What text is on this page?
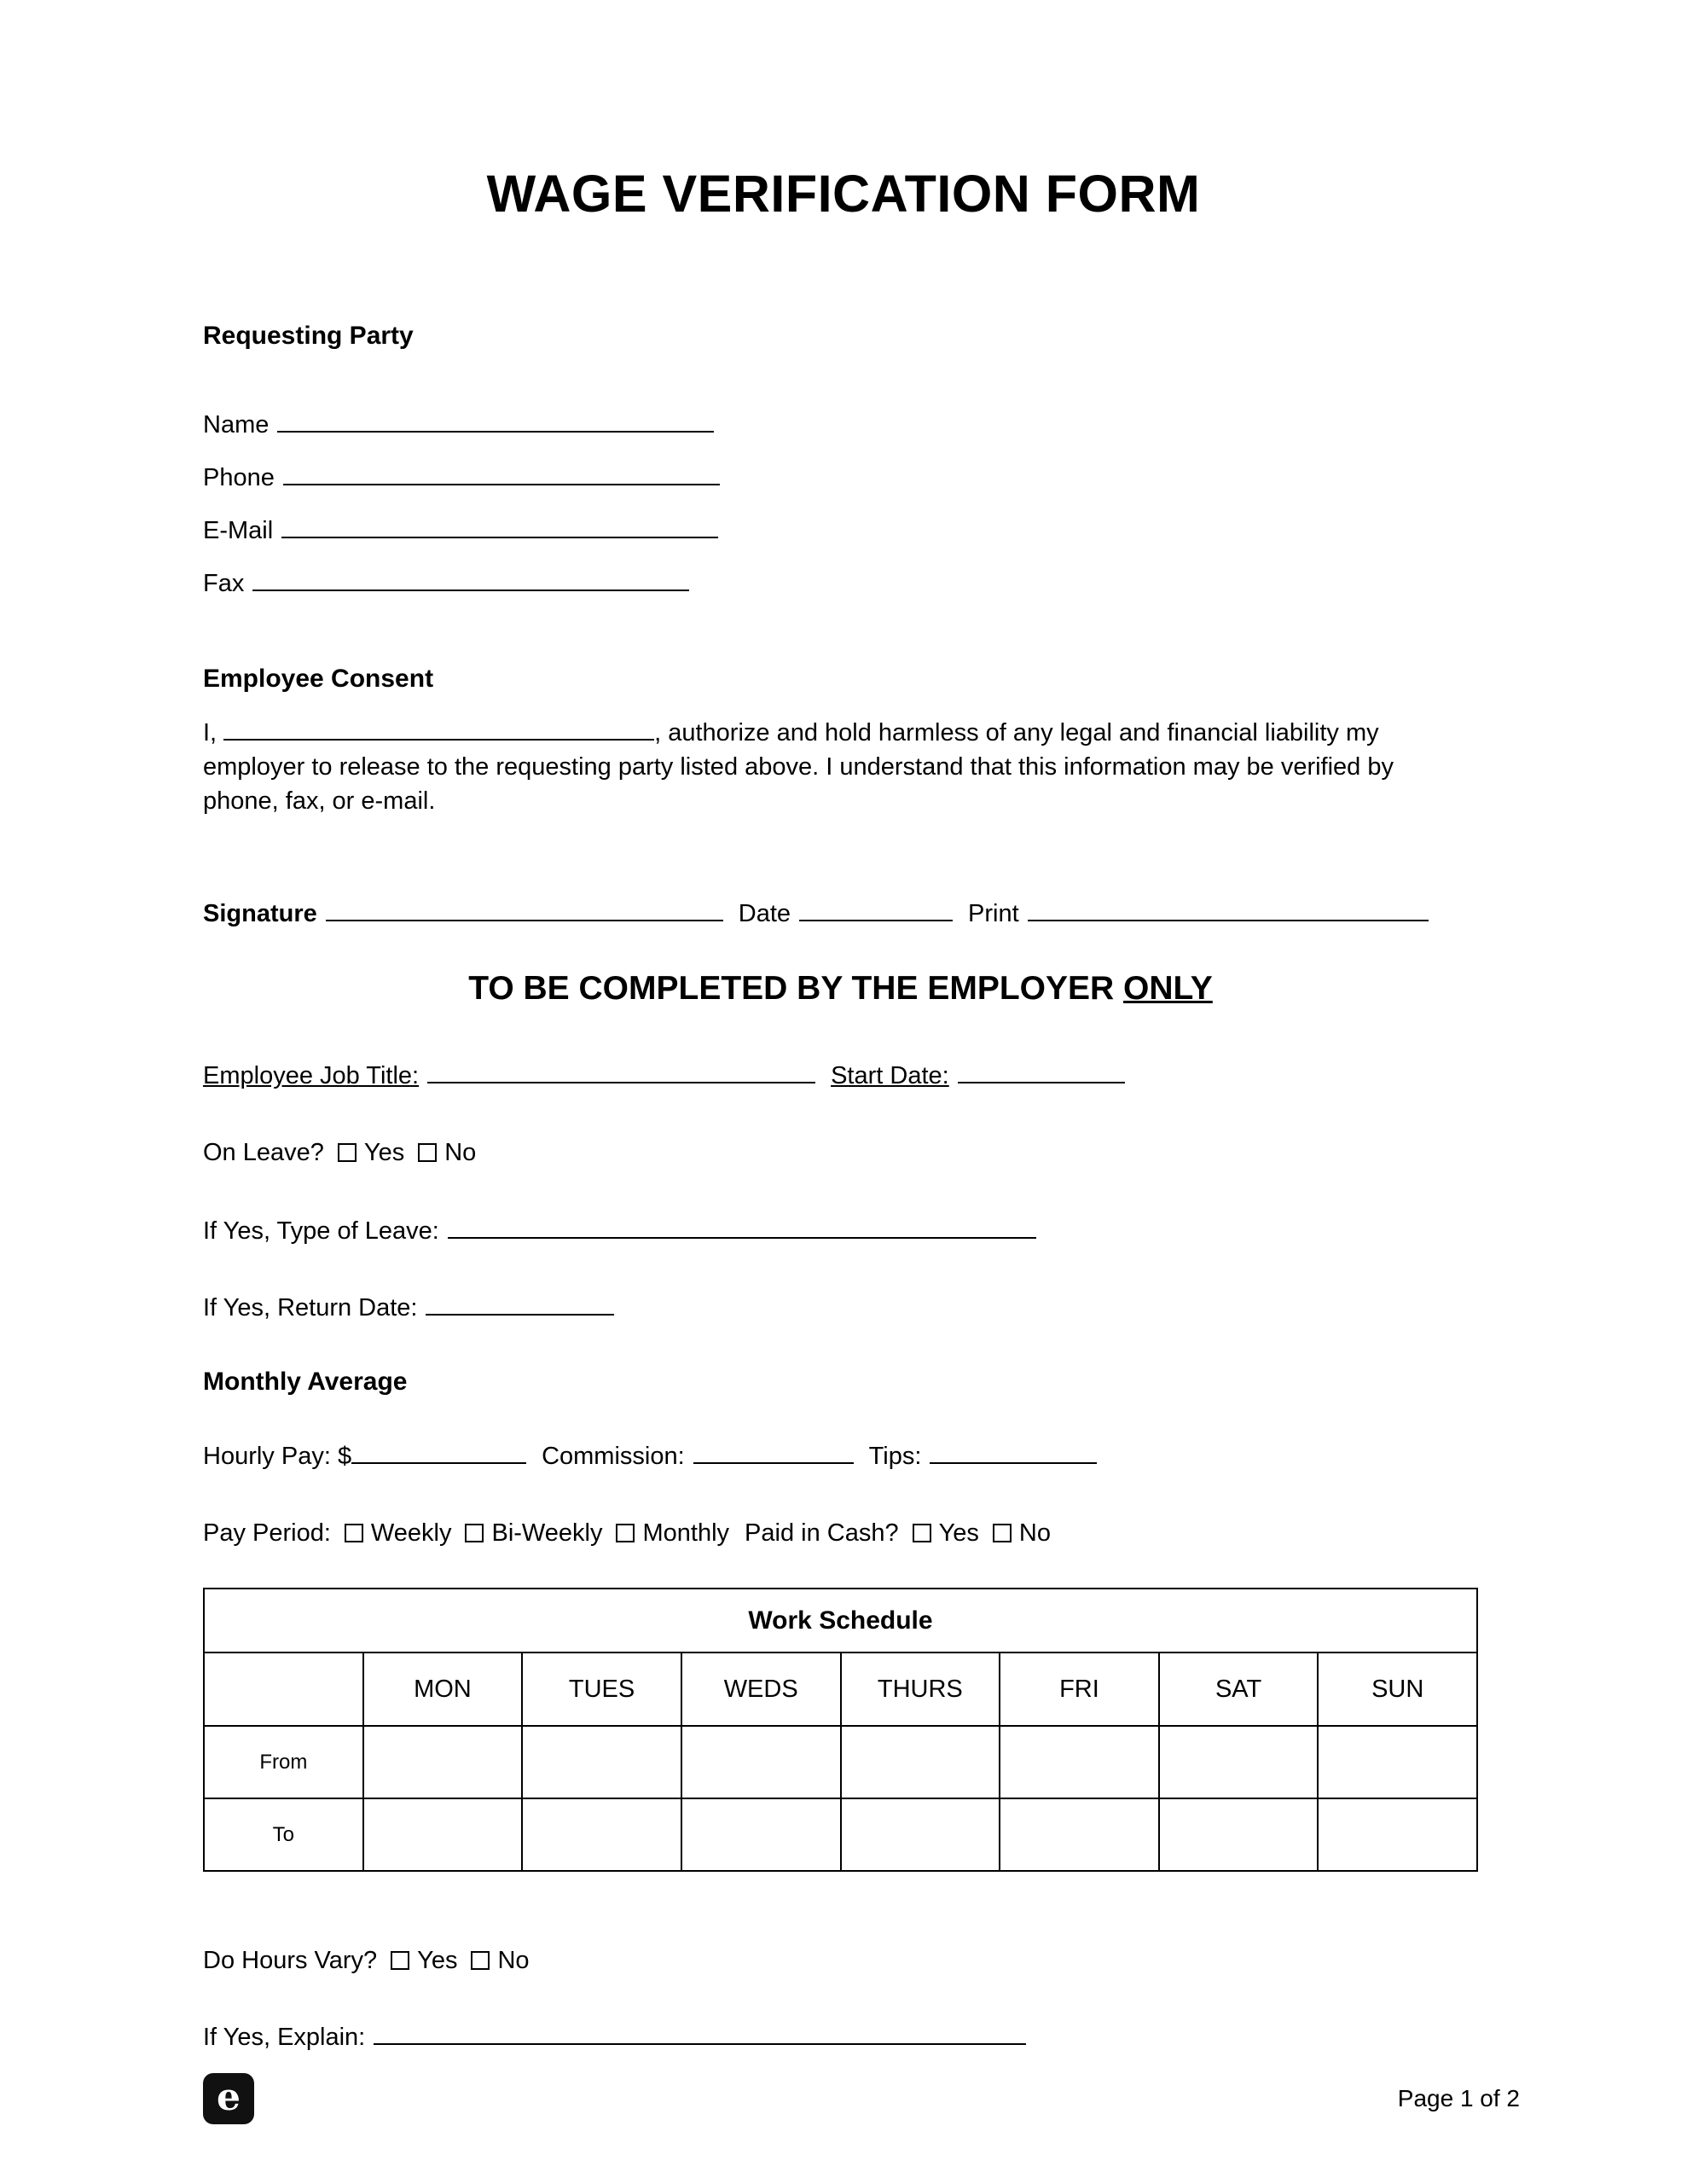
WAGE VERIFICATION FORM
Requesting Party

Name

Phone

E-Mail

Fax

Employee Consent

I,	, authorize and hold harmless of any legal and financial liability my employer to release to the requesting party listed above. I understand that this information may be verified by phone, fax, or e-mail.

Signature	Date	Print

TO BE COMPLETED BY THE EMPLOYER ONLY

Employee Job Title:	Start Date:

On Leave? Yes No

If Yes, Type of Leave:

If Yes, Return Date:

Monthly Average

Hourly Pay: $	Commission:	Tips:

Pay Period: Weekly Bi-Weekly Monthly Paid in Cash? Yes No

Work Schedule							
	MON	TUES	WEDS	THURS	FRI	SAT	SUN
From							
To							

Do Hours Vary? Yes No

If Yes, Explain:

e	Page 1 of 2
